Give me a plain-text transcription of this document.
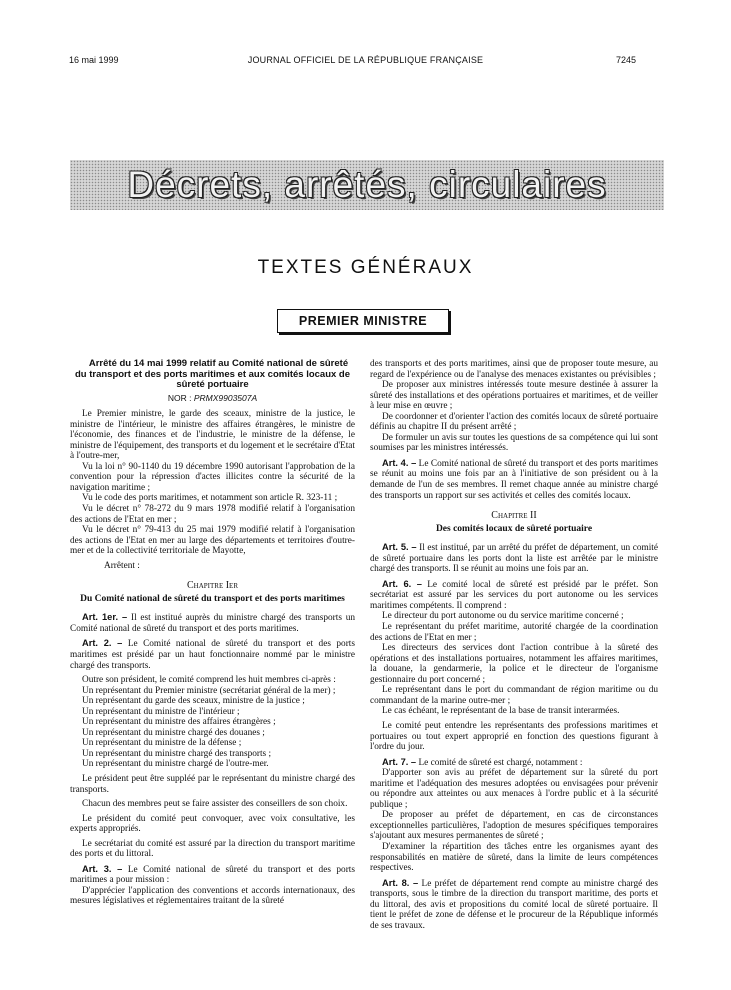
16 mai 1999	JOURNAL OFFICIEL DE LA RÉPUBLIQUE FRANÇAISE	7245
Décrets, arrêtés, circulaires
TEXTES GÉNÉRAUX
PREMIER MINISTRE

Arrêté du 14 mai 1999 relatif au Comité national de sûreté du transport et des ports maritimes et aux comités locaux de sûreté portuaire

NOR : PRMX9903507A

Le Premier ministre, le garde des sceaux, ministre de la justice, le ministre de l'intérieur, le ministre des affaires étrangères, le ministre de l'économie, des finances et de l'industrie, le ministre de la défense, le ministre de l'équipement, des transports et du logement et le secrétaire d'Etat à l'outre-mer,

Vu la loi n° 90-1140 du 19 décembre 1990 autorisant l'approbation de la convention pour la répression d'actes illicites contre la sécurité de la navigation maritime ;

Vu le code des ports maritimes, et notamment son article R. 323-11 ;

Vu le décret n° 78-272 du 9 mars 1978 modifié relatif à l'organisation des actions de l'Etat en mer ;

Vu le décret n° 79-413 du 25 mai 1979 modifié relatif à l'organisation des actions de l'Etat en mer au large des départements et territoires d'outre-mer et de la collectivité territoriale de Mayotte,

Arrêtent :

Chapitre Ier
Du Comité national de sûreté du transport et des ports maritimes

Art. 1er. – Il est institué auprès du ministre chargé des transports un Comité national de sûreté du transport et des ports maritimes.

Art. 2. – Le Comité national de sûreté du transport et des ports maritimes est présidé par un haut fonctionnaire nommé par le ministre chargé des transports.

Outre son président, le comité comprend les huit membres ci-après :

Un représentant du Premier ministre (secrétariat général de la mer) ;

Un représentant du garde des sceaux, ministre de la justice ;

Un représentant du ministre de l'intérieur ;

Un représentant du ministre des affaires étrangères ;

Un représentant du ministre chargé des douanes ;

Un représentant du ministre de la défense ;

Un représentant du ministre chargé des transports ;

Un représentant du ministre chargé de l'outre-mer.

Le président peut être suppléé par le représentant du ministre chargé des transports.

Chacun des membres peut se faire assister des conseillers de son choix.

Le président du comité peut convoquer, avec voix consultative, les experts appropriés.

Le secrétariat du comité est assuré par la direction du transport maritime des ports et du littoral.

Art. 3. – Le Comité national de sûreté du transport et des ports maritimes a pour mission :

D'apprécier l'application des conventions et accords internationaux, des mesures législatives et réglementaires traitant de la sûreté

des transports et des ports maritimes, ainsi que de proposer toute mesure, au regard de l'expérience ou de l'analyse des menaces existantes ou prévisibles ;

De proposer aux ministres intéressés toute mesure destinée à assurer la sûreté des installations et des opérations portuaires et maritimes, et de veiller à leur mise en œuvre ;

De coordonner et d'orienter l'action des comités locaux de sûreté portuaire définis au chapitre II du présent arrêté ;

De formuler un avis sur toutes les questions de sa compétence qui lui sont soumises par les ministres intéressés.

Art. 4. – Le Comité national de sûreté du transport et des ports maritimes se réunit au moins une fois par an à l'initiative de son président ou à la demande de l'un de ses membres. Il remet chaque année au ministre chargé des transports un rapport sur ses activités et celles des comités locaux.

Chapitre II
Des comités locaux de sûreté portuaire

Art. 5. – Il est institué, par un arrêté du préfet de département, un comité de sûreté portuaire dans les ports dont la liste est arrêtée par le ministre chargé des transports. Il se réunit au moins une fois par an.

Art. 6. – Le comité local de sûreté est présidé par le préfet. Son secrétariat est assuré par les services du port autonome ou les services maritimes compétents. Il comprend :

Le directeur du port autonome ou du service maritime concerné ;

Le représentant du préfet maritime, autorité chargée de la coordination des actions de l'Etat en mer ;

Les directeurs des services dont l'action contribue à la sûreté des opérations et des installations portuaires, notamment les affaires maritimes, la douane, la gendarmerie, la police et le directeur de l'organisme gestionnaire du port concerné ;

Le représentant dans le port du commandant de région maritime ou du commandant de la marine outre-mer ;

Le cas échéant, le représentant de la base de transit interarmées.

Le comité peut entendre les représentants des professions maritimes et portuaires ou tout expert approprié en fonction des questions figurant à l'ordre du jour.

Art. 7. – Le comité de sûreté est chargé, notamment :

D'apporter son avis au préfet de département sur la sûreté du port maritime et l'adéquation des mesures adoptées ou envisagées pour prévenir ou répondre aux atteintes ou aux menaces à l'ordre public et à la sécurité publique ;

De proposer au préfet de département, en cas de circonstances exceptionnelles particulières, l'adoption de mesures spécifiques temporaires s'ajoutant aux mesures permanentes de sûreté ;

D'examiner la répartition des tâches entre les organismes ayant des responsabilités en matière de sûreté, dans la limite de leurs compétences respectives.

Art. 8. – Le préfet de département rend compte au ministre chargé des transports, sous le timbre de la direction du transport maritime, des ports et du littoral, des avis et propositions du comité local de sûreté portuaire. Il tient le préfet de zone de défense et le procureur de la République informés de ses travaux.
